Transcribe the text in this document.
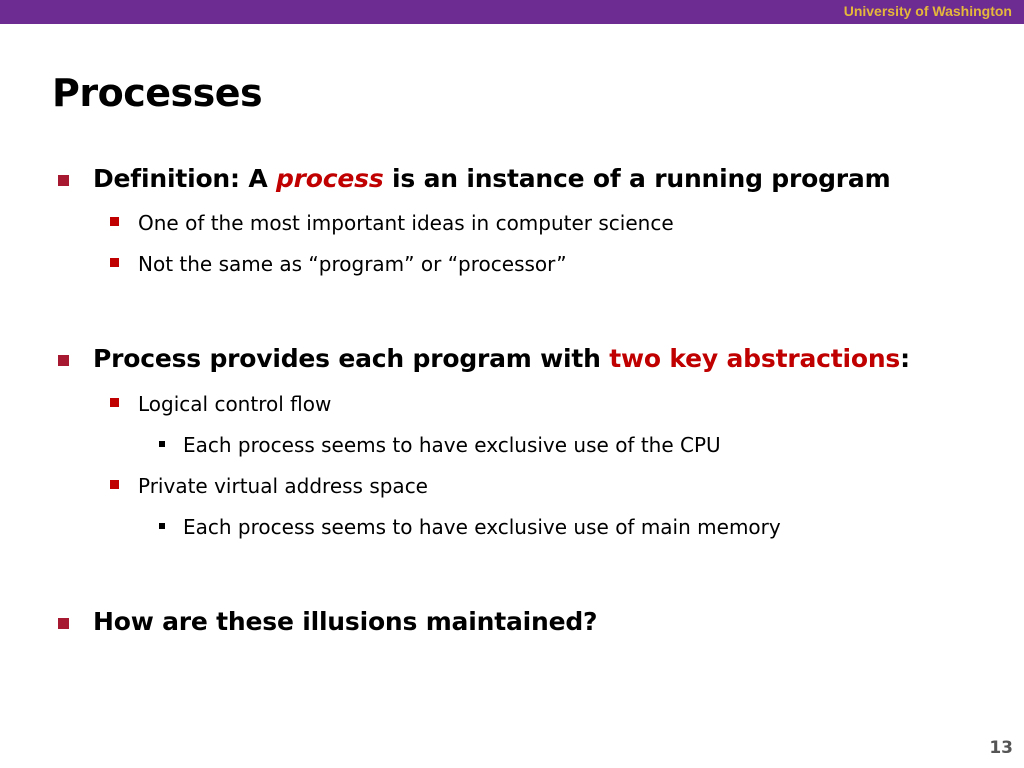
University of Washington
Processes
Definition: A process is an instance of a running program
One of the most important ideas in computer science
Not the same as “program” or “processor”
Process provides each program with two key abstractions:
Logical control flow
Each process seems to have exclusive use of the CPU
Private virtual address space
Each process seems to have exclusive use of main memory
How are these illusions maintained?
13
